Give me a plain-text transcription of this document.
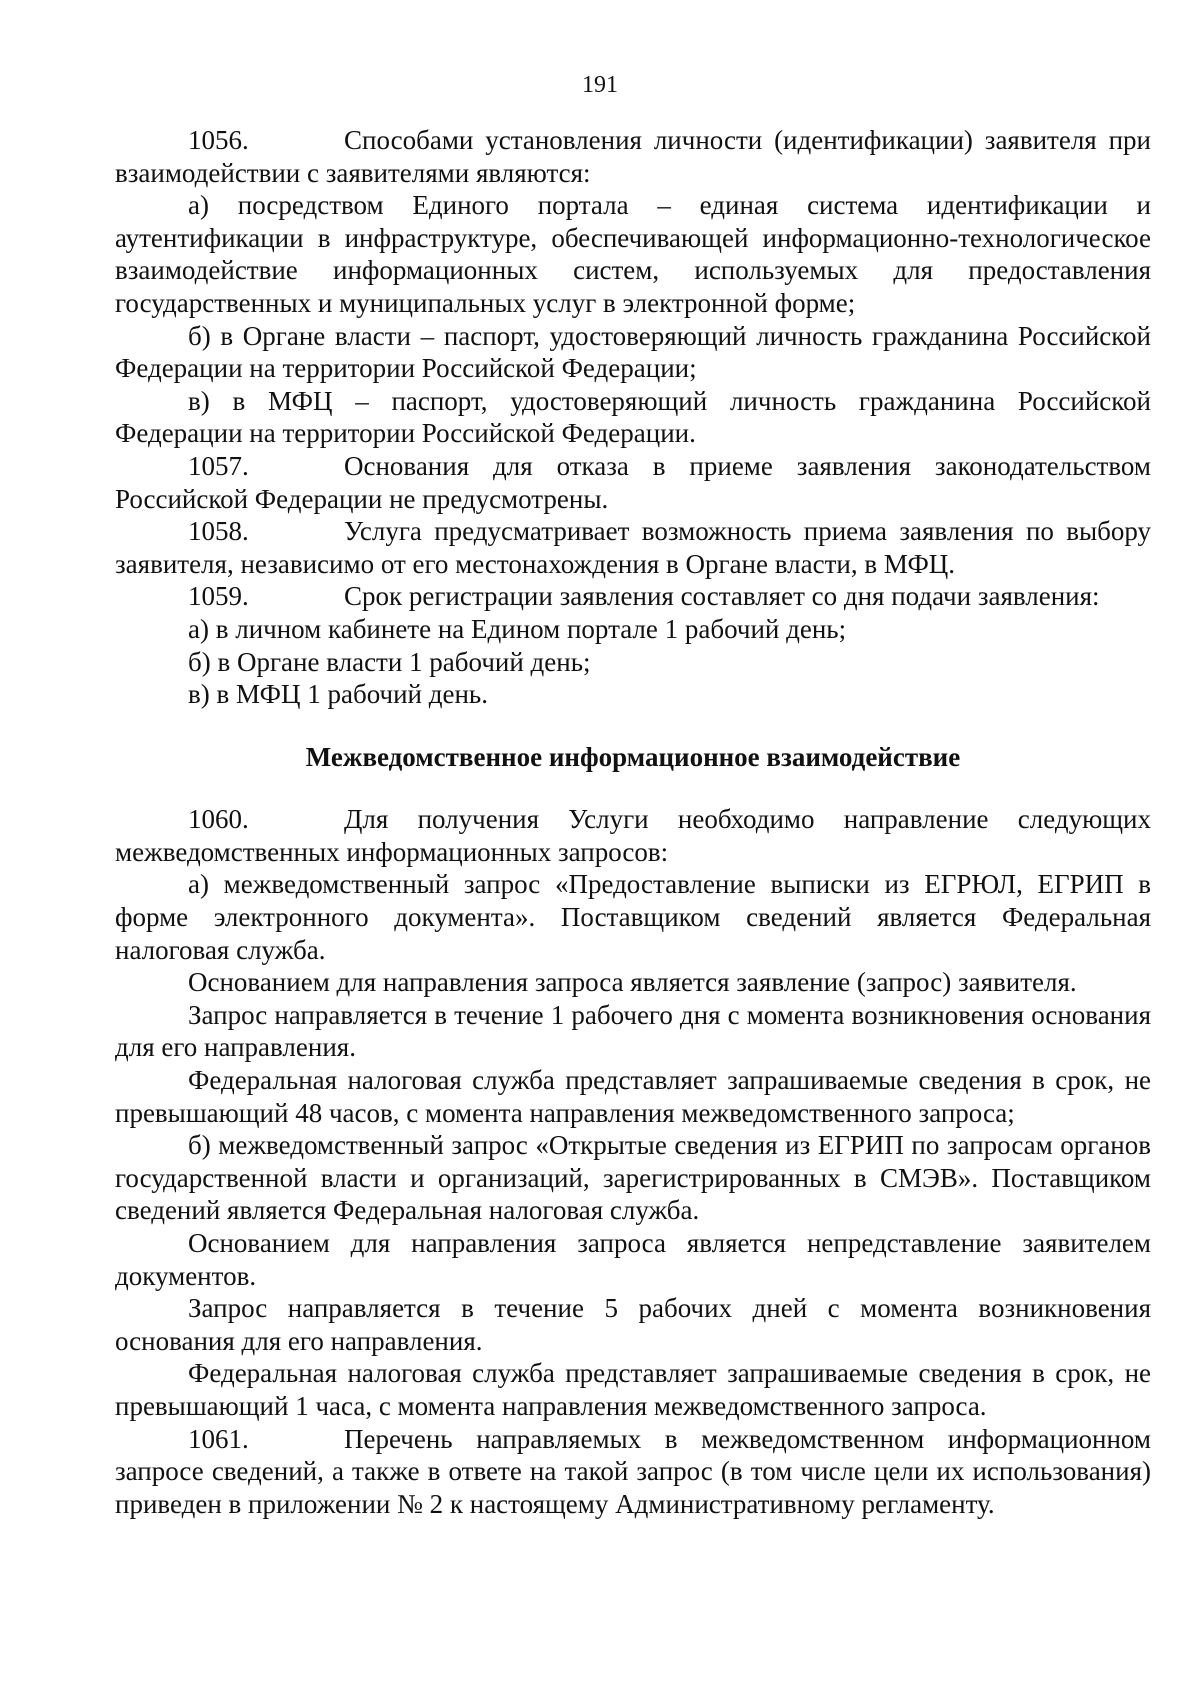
191

1056.	Способами установления личности (идентификации) заявителя при взаимодействии с заявителями являются:

а) посредством Единого портала – единая система идентификации и аутентификации в инфраструктуре, обеспечивающей информационно-технологическое взаимодействие информационных систем, используемых для предоставления государственных и муниципальных услуг в электронной форме;

б) в Органе власти – паспорт, удостоверяющий личность гражданина Российской Федерации на территории Российской Федерации;

в) в МФЦ – паспорт, удостоверяющий личность гражданина Российской Федерации на территории Российской Федерации.

1057.	Основания для отказа в приеме заявления законодательством Российской Федерации не предусмотрены.

1058.	Услуга предусматривает возможность приема заявления по выбору заявителя, независимо от его местонахождения в Органе власти, в МФЦ.

1059.	Срок регистрации заявления составляет со дня подачи заявления:

а) в личном кабинете на Едином портале 1 рабочий день;

б) в Органе власти 1 рабочий день;

в) в МФЦ 1 рабочий день.

Межведомственное информационное взаимодействие

1060.	Для получения Услуги необходимо направление следующих межведомственных информационных запросов:

а) межведомственный запрос «Предоставление выписки из ЕГРЮЛ, ЕГРИП в форме электронного документа». Поставщиком сведений является Федеральная налоговая служба.

Основанием для направления запроса является заявление (запрос) заявителя.

Запрос направляется в течение 1 рабочего дня с момента возникновения основания для его направления.

Федеральная налоговая служба представляет запрашиваемые сведения в срок, не превышающий 48 часов, с момента направления межведомственного запроса;

б) межведомственный запрос «Открытые сведения из ЕГРИП по запросам органов государственной власти и организаций, зарегистрированных в СМЭВ». Поставщиком сведений является Федеральная налоговая служба.

Основанием для направления запроса является непредставление заявителем документов.

Запрос направляется в течение 5 рабочих дней с момента возникновения основания для его направления.

Федеральная налоговая служба представляет запрашиваемые сведения в срок, не превышающий 1 часа, с момента направления межведомственного запроса.

1061.	Перечень направляемых в межведомственном информационном запросе сведений, а также в ответе на такой запрос (в том числе цели их использования) приведен в приложении № 2 к настоящему Административному регламенту.
